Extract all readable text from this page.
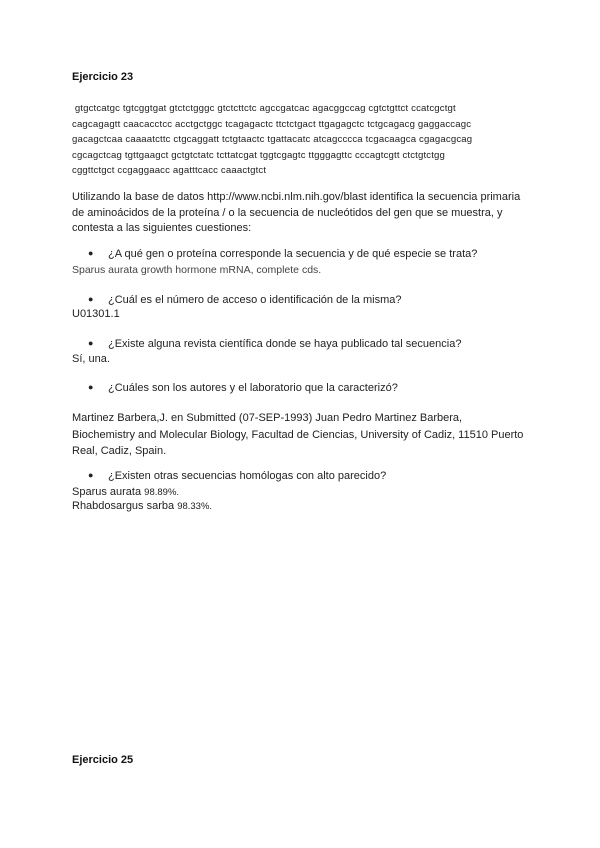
Ejercicio 23
gtgctcatgc tgtcggtgat gtctctgggc gtctcttctc agccgatcac agacggccag cgtctgttct ccatcgctgt
cagcagagtt caacacctcc acctgctggc tcagagactc ttctctgact ttgagagctc tctgcagacg gaggaccagc
gacagctcaa caaaatcttc ctgcaggatt tctgtaactc tgattacatc atcagcccca tcgacaagca cgagacgcag
cgcagctcag tgttgaagct gctgtctatc tcttatcgat tggtcgagtc ttgggagttc cccagtcgtt ctctgtctgg
cggttctgct ccgaggaacc agatttcacc caaactgtct
Utilizando la base de datos http://www.ncbi.nlm.nih.gov/blast identifica la secuencia primaria
de aminoácidos de la proteína / o la secuencia de nucleótidos del gen que se muestra, y
contesta a las siguientes cuestiones:
● ¿A qué gen o proteína corresponde la secuencia y de qué especie se trata?
Sparus aurata growth hormone mRNA, complete cds.
● ¿Cuál es el número de acceso o identificación de la misma?
U01301.1
● ¿Existe alguna revista científica donde se haya publicado tal secuencia?
Sí, una.
● ¿Cuáles son los autores y el laboratorio que la caracterizó?
Martinez Barbera,J. en Submitted (07-SEP-1993) Juan Pedro Martinez Barbera,
Biochemistry and Molecular Biology, Facultad de Ciencias, University of Cadiz, 11510 Puerto
Real, Cadiz, Spain.
● ¿Existen otras secuencias homólogas con alto parecido?
Sparus aurata 98.89%.
Rhabdosargus sarba 98.33%.
Ejercicio 25
